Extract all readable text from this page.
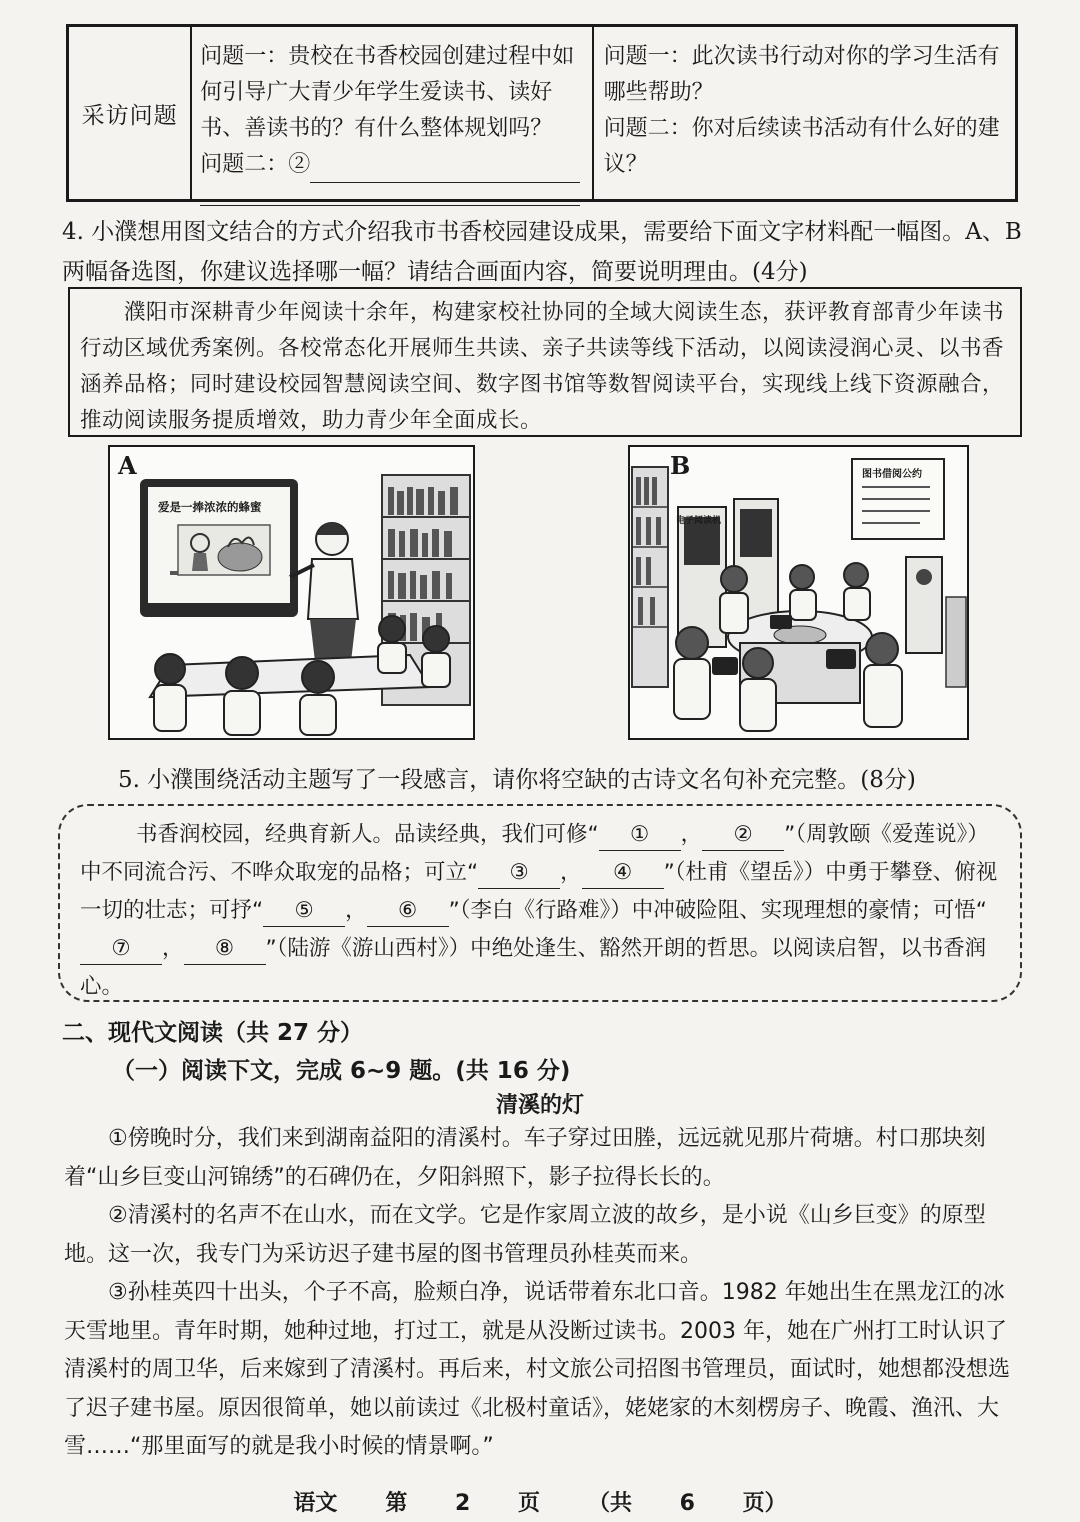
采访问题
问题一：贵校在书香校园创建过程中如何引导广大青少年学生爱读书、读好书、善读书的？有什么整体规划吗？
问题二：②
问题一：此次读书行动对你的学习生活有哪些帮助？
问题二：你对后续读书活动有什么好的建议？
4. 小濮想用图文结合的方式介绍我市书香校园建设成果，需要给下面文字材料配一幅图。A、B 两幅备选图，你建议选择哪一幅？请结合画面内容，简要说明理由。(4分)
濮阳市深耕青少年阅读十余年，构建家校社协同的全域大阅读生态，获评教育部青少年读书行动区域优秀案例。各校常态化开展师生共读、亲子共读等线下活动，以阅读浸润心灵、以书香涵养品格；同时建设校园智慧阅读空间、数字图书馆等数智阅读平台，实现线上线下资源融合，推动阅读服务提质增效，助力青少年全面成长。
A
爱是一捧浓浓的蜂蜜
B
电子阅读机
图书借阅公约
5. 小濮围绕活动主题写了一段感言，请你将空缺的古诗文名句补充完整。(8分)
书香润校园，经典育新人。品读经典，我们可修“ ① ， ② ”（周敦颐《爱莲说》）中不同流合污、不哗众取宠的品格；可立“ ③ ， ④ ”（杜甫《望岳》）中勇于攀登、俯视一切的壮志；可抒“ ⑤ ， ⑥ ”（李白《行路难》）中冲破险阻、实现理想的豪情；可悟“⑦ ， ⑧ ”（陆游《游山西村》）中绝处逢生、豁然开朗的哲思。以阅读启智，以书香润心。
二、现代文阅读（共 27 分）
（一）阅读下文，完成 6~9 题。(共 16 分)
清溪的灯

①傍晚时分，我们来到湖南益阳的清溪村。车子穿过田塍，远远就见那片荷塘。村口那块刻着“山乡巨变山河锦绣”的石碑仍在，夕阳斜照下，影子拉得长长的。

②清溪村的名声不在山水，而在文学。它是作家周立波的故乡，是小说《山乡巨变》的原型地。这一次，我专门为采访迟子建书屋的图书管理员孙桂英而来。

③孙桂英四十出头，个子不高，脸颊白净，说话带着东北口音。1982 年她出生在黑龙江的冰天雪地里。青年时期，她种过地，打过工，就是从没断过读书。2003 年，她在广州打工时认识了清溪村的周卫华，后来嫁到了清溪村。再后来，村文旅公司招图书管理员，面试时，她想都没想选了迟子建书屋。原因很简单，她以前读过《北极村童话》，姥姥家的木刻楞房子、晚霞、渔汛、大雪……“那里面写的就是我小时候的情景啊。”

语文 第 2 页 （共 6 页）
